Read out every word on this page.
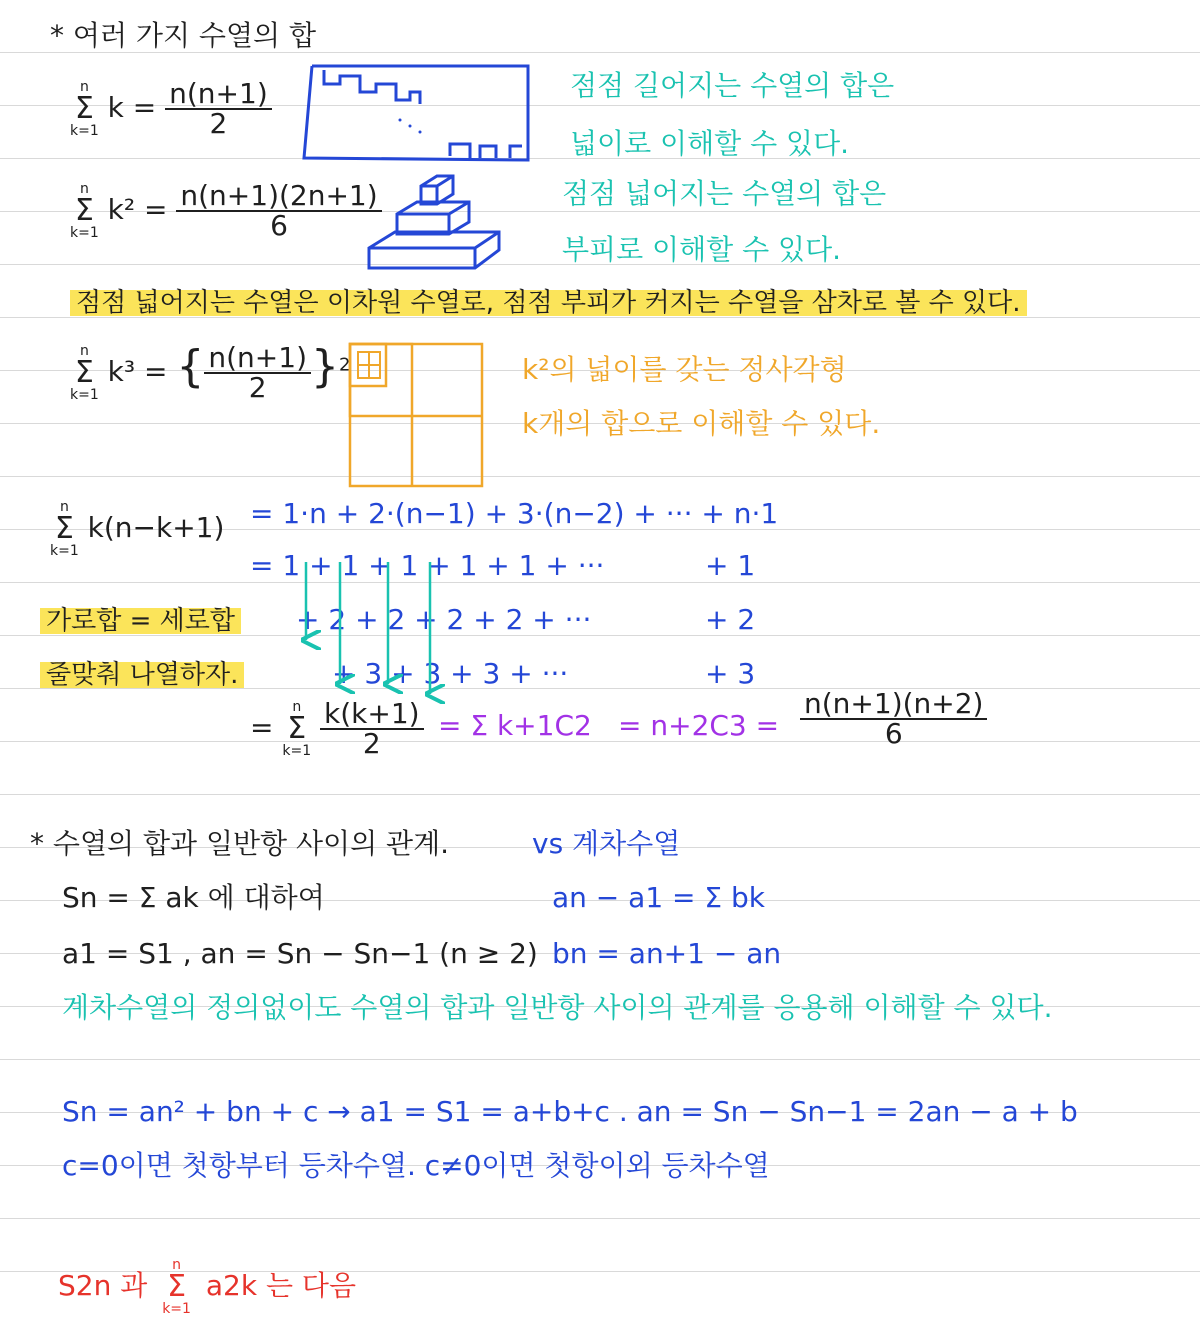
* 여러 가지 수열의 합
n
Σ
k=1
$k = \frac{n(n+1)}{2}$	점점 길어지는 수열의 합은
넓이로 이해할 수 있다.
n
Σ
k=1
$k^2 = \frac{n(n+1)(2n+1)}{6}$	점점 넓어지는 수열의 합은
부피로 이해할 수 있다.
점점 넓어지는 수열은 이차원 수열로, 점점 부피가 커지는 수열을 삼차로 볼 수 있다.
n
Σ
k=1
k³ = { $\frac{n(n+1)}{2} \}^2$	k²의 넓이를 갖는 정사각형
k개의 합으로 이해할 수 있다.
n
Σ
k=1
k(n−k+1) = 1·n + 2·(n−1) + 3·(n−2) + ··· + n·1
= 1 + 1 + 1 + 1 + 1 + ···	+ 1
+ 2 + 2 + 2 + 2 + ···	+ 2
+ 3 + 3 + 3 + ···	+ 3
가로합 = 세로합
줄맞춰 나열하자.
=
n
Σ
k=1
$\frac{k(k+1)}{2} = \Sigma$ $k+1C2 = n+2C3 = \frac{n(n+1)(n+2)}{6}$
* 수열의 합과 일반항 사이의 관계.	vs 계차수열
Sn = Σ ak 에 대하여	an − a1 = Σ bk
a1 = S1 , an = Sn − Sn−1 (n ≥ 2) bn = an+1 − an
계차수열의 정의없이도 수열의 합과 일반항 사이의 관계를 응용해 이해할 수 있다.
Sn = an² + bn + c → a1 = S1 = a+b+c . an = Sn − Sn−1 = 2an − a + b
c=0이면 첫항부터 등차수열. c≠0이면 첫항이외 등차수열
S2n 과
n
Σ
k=1
a2k 는 다음
